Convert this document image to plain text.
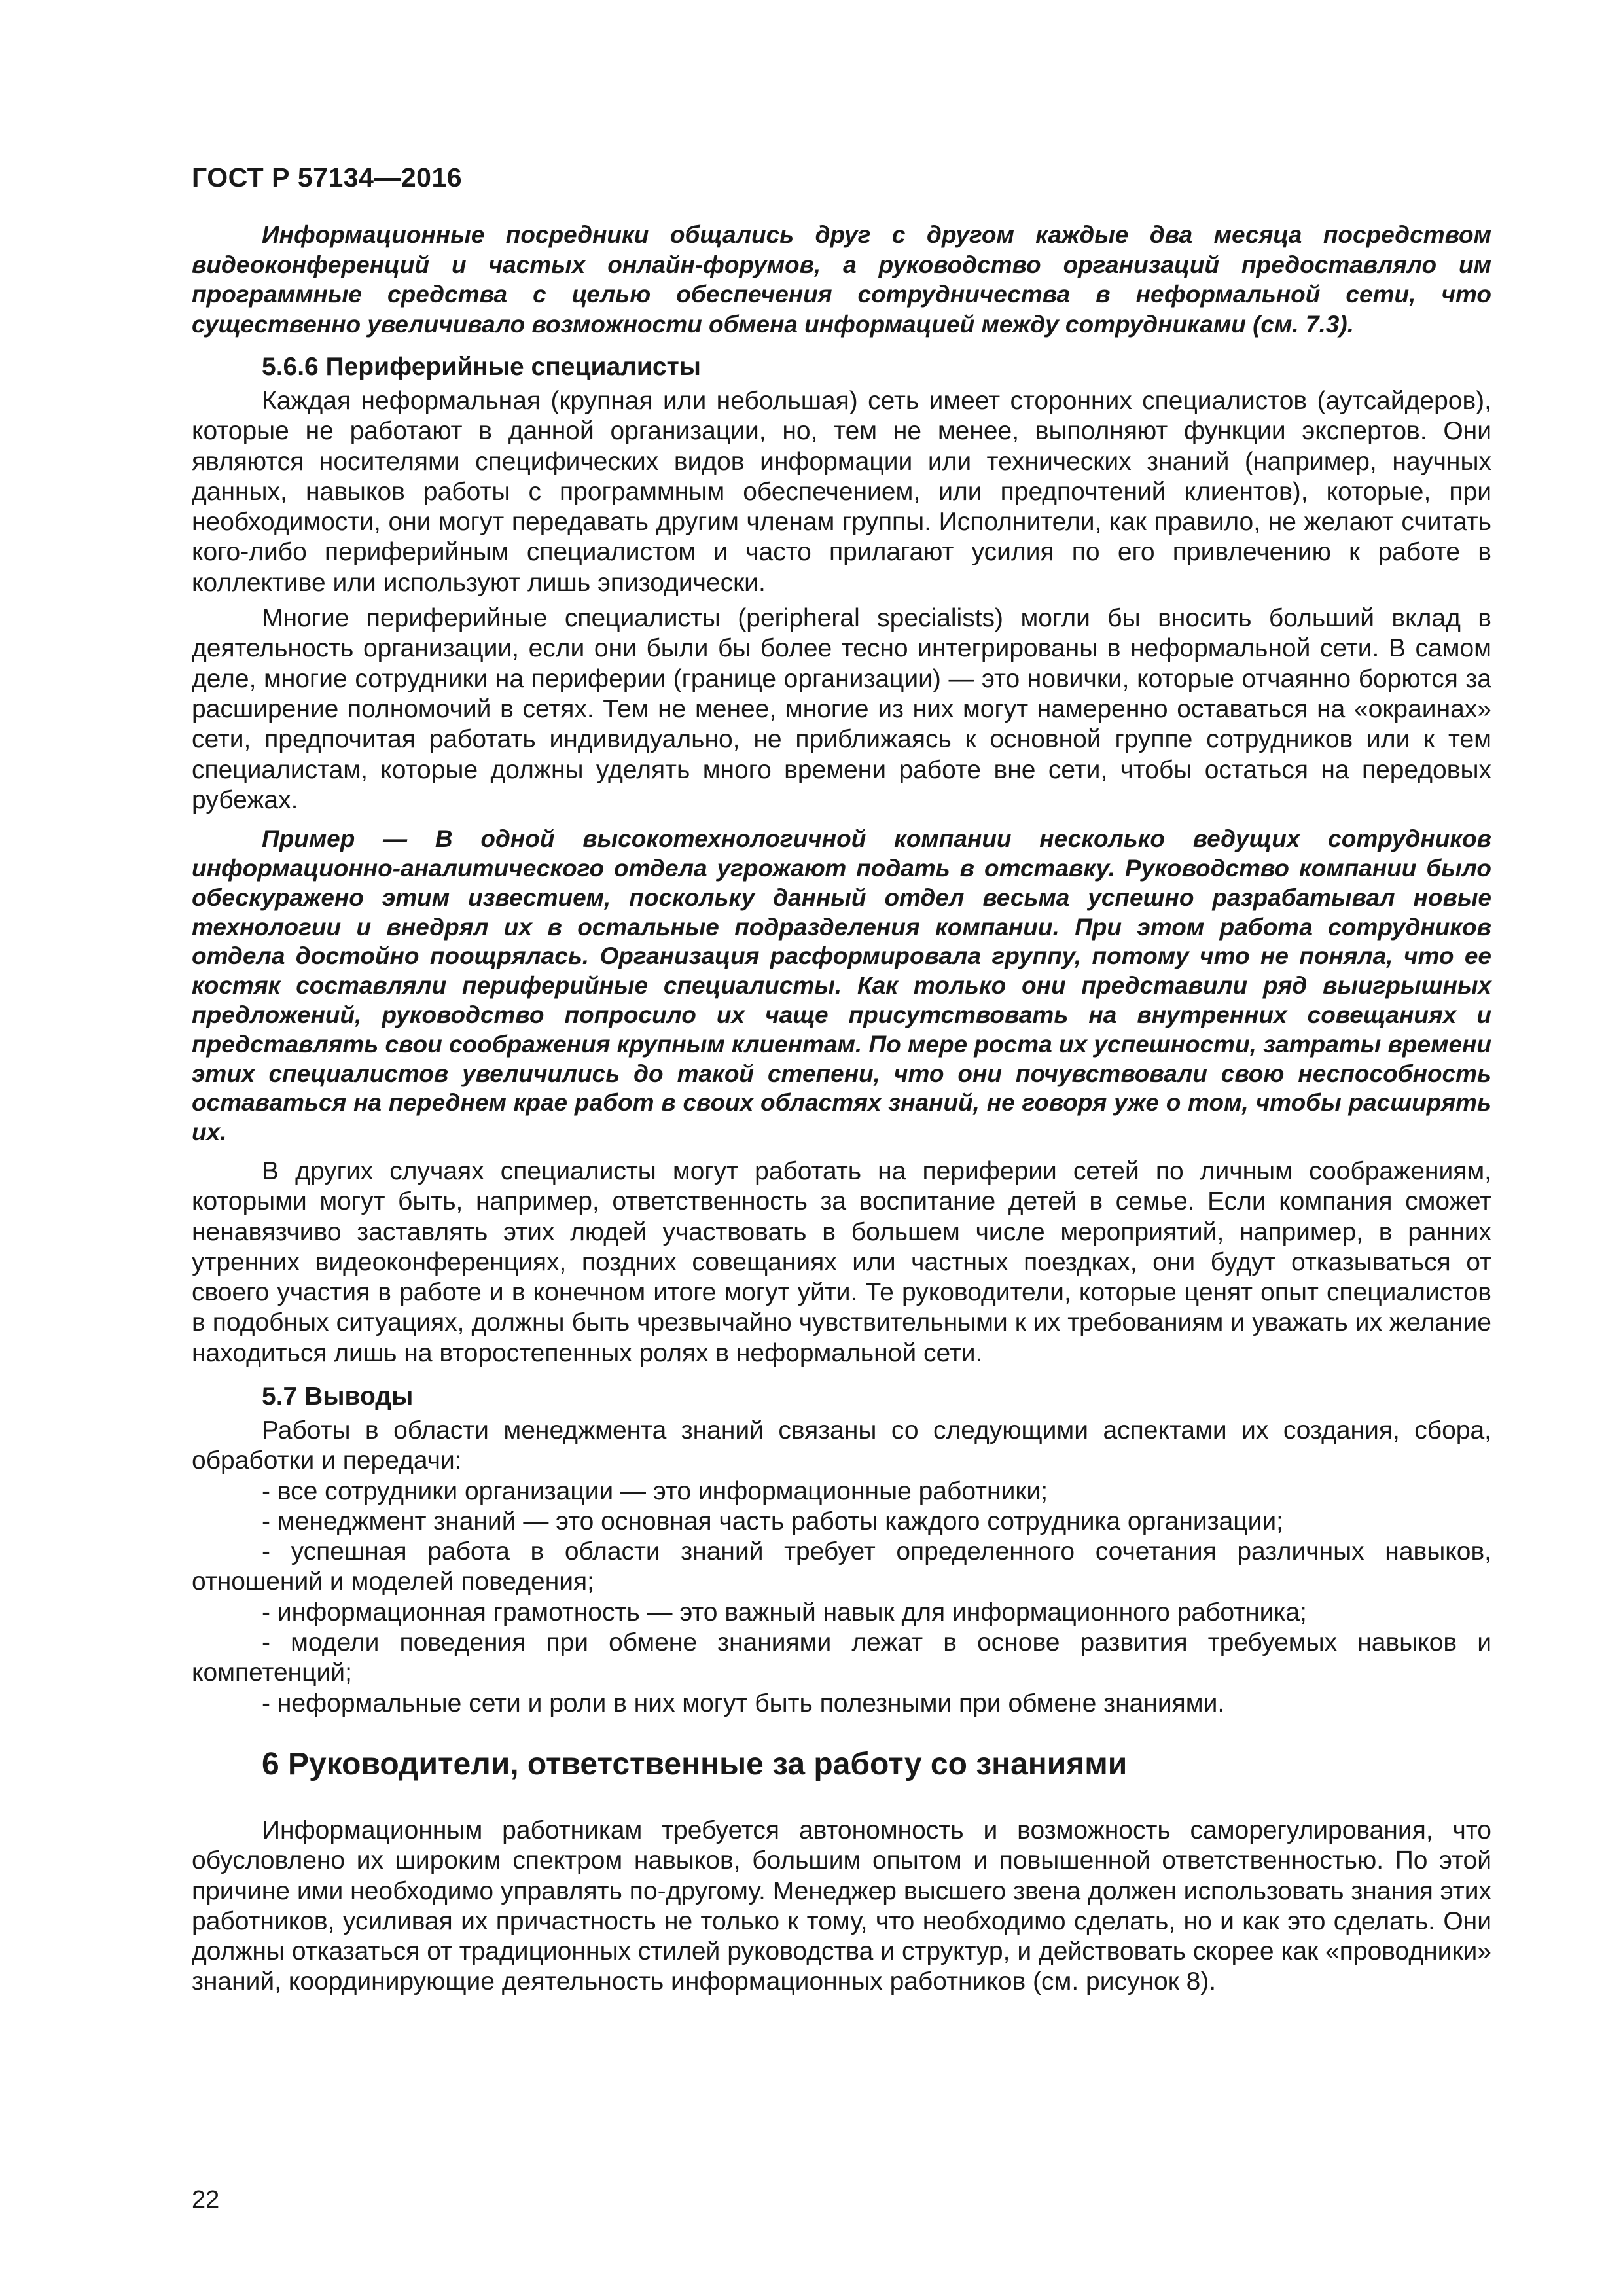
ГОСТ Р 57134—2016

Информационные посредники общались друг с другом каждые два месяца посредством видеоконференций и частых онлайн-форумов, а руководство организаций предоставляло им программные средства с целью обеспечения сотрудничества в неформальной сети, что существенно увеличивало возможности обмена информацией между сотрудниками (см. 7.3).

5.6.6 Периферийные специалисты

Каждая неформальная (крупная или небольшая) сеть имеет сторонних специалистов (аутсайдеров), которые не работают в данной организации, но, тем не менее, выполняют функции экспертов. Они являются носителями специфических видов информации или технических знаний (например, научных данных, навыков работы с программным обеспечением, или предпочтений клиентов), которые, при необходимости, они могут передавать другим членам группы. Исполнители, как правило, не желают считать кого-либо периферийным специалистом и часто прилагают усилия по его привлечению к работе в коллективе или используют лишь эпизодически.

Многие периферийные специалисты (peripheral specialists) могли бы вносить больший вклад в деятельность организации, если они были бы более тесно интегрированы в неформальной сети. В самом деле, многие сотрудники на периферии (границе организации) — это новички, которые отчаянно борются за расширение полномочий в сетях. Тем не менее, многие из них могут намеренно оставаться на «окраинах» сети, предпочитая работать индивидуально, не приближаясь к основной группе сотрудников или к тем специалистам, которые должны уделять много времени работе вне сети, чтобы остаться на передовых рубежах.

Пример — В одной высокотехнологичной компании несколько ведущих сотрудников информационно-аналитического отдела угрожают подать в отставку. Руководство компании было обескуражено этим известием, поскольку данный отдел весьма успешно разрабатывал новые технологии и внедрял их в остальные подразделения компании. При этом работа сотрудников отдела достойно поощрялась. Организация расформировала группу, потому что не поняла, что ее костяк составляли периферийные специалисты. Как только они представили ряд выигрышных предложений, руководство попросило их чаще присутствовать на внутренних совещаниях и представлять свои соображения крупным клиентам. По мере роста их успешности, затраты времени этих специалистов увеличились до такой степени, что они почувствовали свою неспособность оставаться на переднем крае работ в своих областях знаний, не говоря уже о том, чтобы расширять их.

В других случаях специалисты могут работать на периферии сетей по личным соображениям, которыми могут быть, например, ответственность за воспитание детей в семье. Если компания сможет ненавязчиво заставлять этих людей участвовать в большем числе мероприятий, например, в ранних утренних видеоконференциях, поздних совещаниях или частных поездках, они будут отказываться от своего участия в работе и в конечном итоге могут уйти. Те руководители, которые ценят опыт специалистов в подобных ситуациях, должны быть чрезвычайно чувствительными к их требованиям и уважать их желание находиться лишь на второстепенных ролях в неформальной сети.

5.7 Выводы

Работы в области менеджмента знаний связаны со следующими аспектами их создания, сбора, обработки и передачи:

- все сотрудники организации — это информационные работники;

- менеджмент знаний — это основная часть работы каждого сотрудника организации;

- успешная работа в области знаний требует определенного сочетания различных навыков, отношений и моделей поведения;

- информационная грамотность — это важный навык для информационного работника;

- модели поведения при обмене знаниями лежат в основе развития требуемых навыков и компетенций;

- неформальные сети и роли в них могут быть полезными при обмене знаниями.

6 Руководители, ответственные за работу со знаниями

Информационным работникам требуется автономность и возможность саморегулирования, что обусловлено их широким спектром навыков, большим опытом и повышенной ответственностью. По этой причине ими необходимо управлять по-другому. Менеджер высшего звена должен использовать знания этих работников, усиливая их причастность не только к тому, что необходимо сделать, но и как это сделать. Они должны отказаться от традиционных стилей руководства и структур, и действовать скорее как «проводники» знаний, координирующие деятельность информационных работников (см. рисунок 8).

22
